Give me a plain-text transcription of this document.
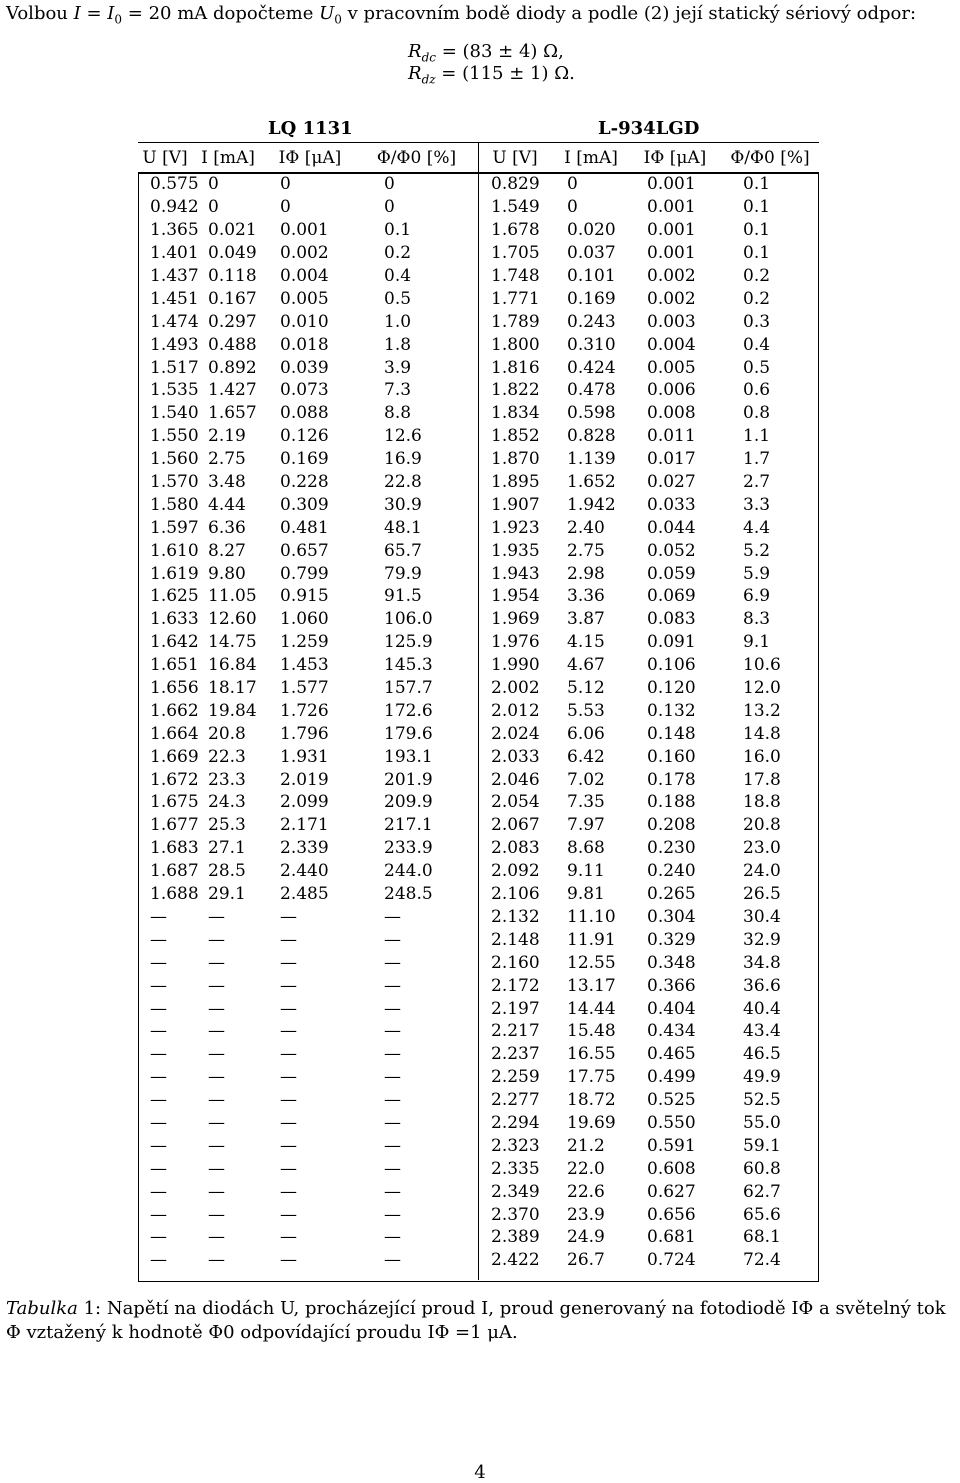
Volbou $I = I_0 = 20$ mA dopočteme $U_0$ v pracovním bodě diody a podle (2) její statický sériový odpor:
$R_{dc} = (83 \pm 4)$ Ω,
$R_{dz} = (115 \pm 1)$ Ω.
LQ 1131	L-934LGD
U [V] I [mA]	IΦ [μA]	Φ/Φ0 [%]	U [V]	I [mA]	IΦ [μA]	Φ/Φ0 [%]
0.575	0	0	0	0.829	0	0.001	0.1
0.942	0	0	0	1.549	0	0.001	0.1
1.365	0.021	0.001	0.1	1.678	0.020	0.001	0.1
1.401	0.049	0.002	0.2	1.705	0.037	0.001	0.1
1.437	0.118	0.004	0.4	1.748	0.101	0.002	0.2
1.451	0.167	0.005	0.5	1.771	0.169	0.002	0.2
1.474	0.297	0.010	1.0	1.789	0.243	0.003	0.3
1.493	0.488	0.018	1.8	1.800	0.310	0.004	0.4
1.517	0.892	0.039	3.9	1.816	0.424	0.005	0.5
1.535	1.427	0.073	7.3	1.822	0.478	0.006	0.6
1.540	1.657	0.088	8.8	1.834	0.598	0.008	0.8
1.550	2.19	0.126	12.6	1.852	0.828	0.011	1.1
1.560	2.75	0.169	16.9	1.870	1.139	0.017	1.7
1.570	3.48	0.228	22.8	1.895	1.652	0.027	2.7
1.580	4.44	0.309	30.9	1.907	1.942	0.033	3.3
1.597	6.36	0.481	48.1	1.923	2.40	0.044	4.4
1.610	8.27	0.657	65.7	1.935	2.75	0.052	5.2
1.619	9.80	0.799	79.9	1.943	2.98	0.059	5.9
1.625	11.05	0.915	91.5	1.954	3.36	0.069	6.9
1.633	12.60	1.060	106.0	1.969	3.87	0.083	8.3
1.642	14.75	1.259	125.9	1.976	4.15	0.091	9.1
1.651	16.84	1.453	145.3	1.990	4.67	0.106	10.6
1.656	18.17	1.577	157.7	2.002	5.12	0.120	12.0
1.662	19.84	1.726	172.6	2.012	5.53	0.132	13.2
1.664	20.8	1.796	179.6	2.024	6.06	0.148	14.8
1.669	22.3	1.931	193.1	2.033	6.42	0.160	16.0
1.672	23.3	2.019	201.9	2.046	7.02	0.178	17.8
1.675	24.3	2.099	209.9	2.054	7.35	0.188	18.8
1.677	25.3	2.171	217.1	2.067	7.97	0.208	20.8
1.683	27.1	2.339	233.9	2.083	8.68	0.230	23.0
1.687	28.5	2.440	244.0	2.092	9.11	0.240	24.0
1.688	29.1	2.485	248.5	2.106	9.81	0.265	26.5
—	—	—	—	2.132	11.10	0.304	30.4
—	—	—	—	2.148	11.91	0.329	32.9
—	—	—	—	2.160	12.55	0.348	34.8
—	—	—	—	2.172	13.17	0.366	36.6
—	—	—	—	2.197	14.44	0.404	40.4
—	—	—	—	2.217	15.48	0.434	43.4
—	—	—	—	2.237	16.55	0.465	46.5
—	—	—	—	2.259	17.75	0.499	49.9
—	—	—	—	2.277	18.72	0.525	52.5
—	—	—	—	2.294	19.69	0.550	55.0
—	—	—	—	2.323	21.2	0.591	59.1
—	—	—	—	2.335	22.0	0.608	60.8
—	—	—	—	2.349	22.6	0.627	62.7
—	—	—	—	2.370	23.9	0.656	65.6
—	—	—	—	2.389	24.9	0.681	68.1
—	—	—	—	2.422	26.7	0.724	72.4
Tabulka 1: Napětí na diodách U, procházející proud I, proud generovaný na fotodiodě IΦ a světelný tok Φ vztažený k hodnotě Φ0 odpovídající proudu IΦ =1 μA.
4
